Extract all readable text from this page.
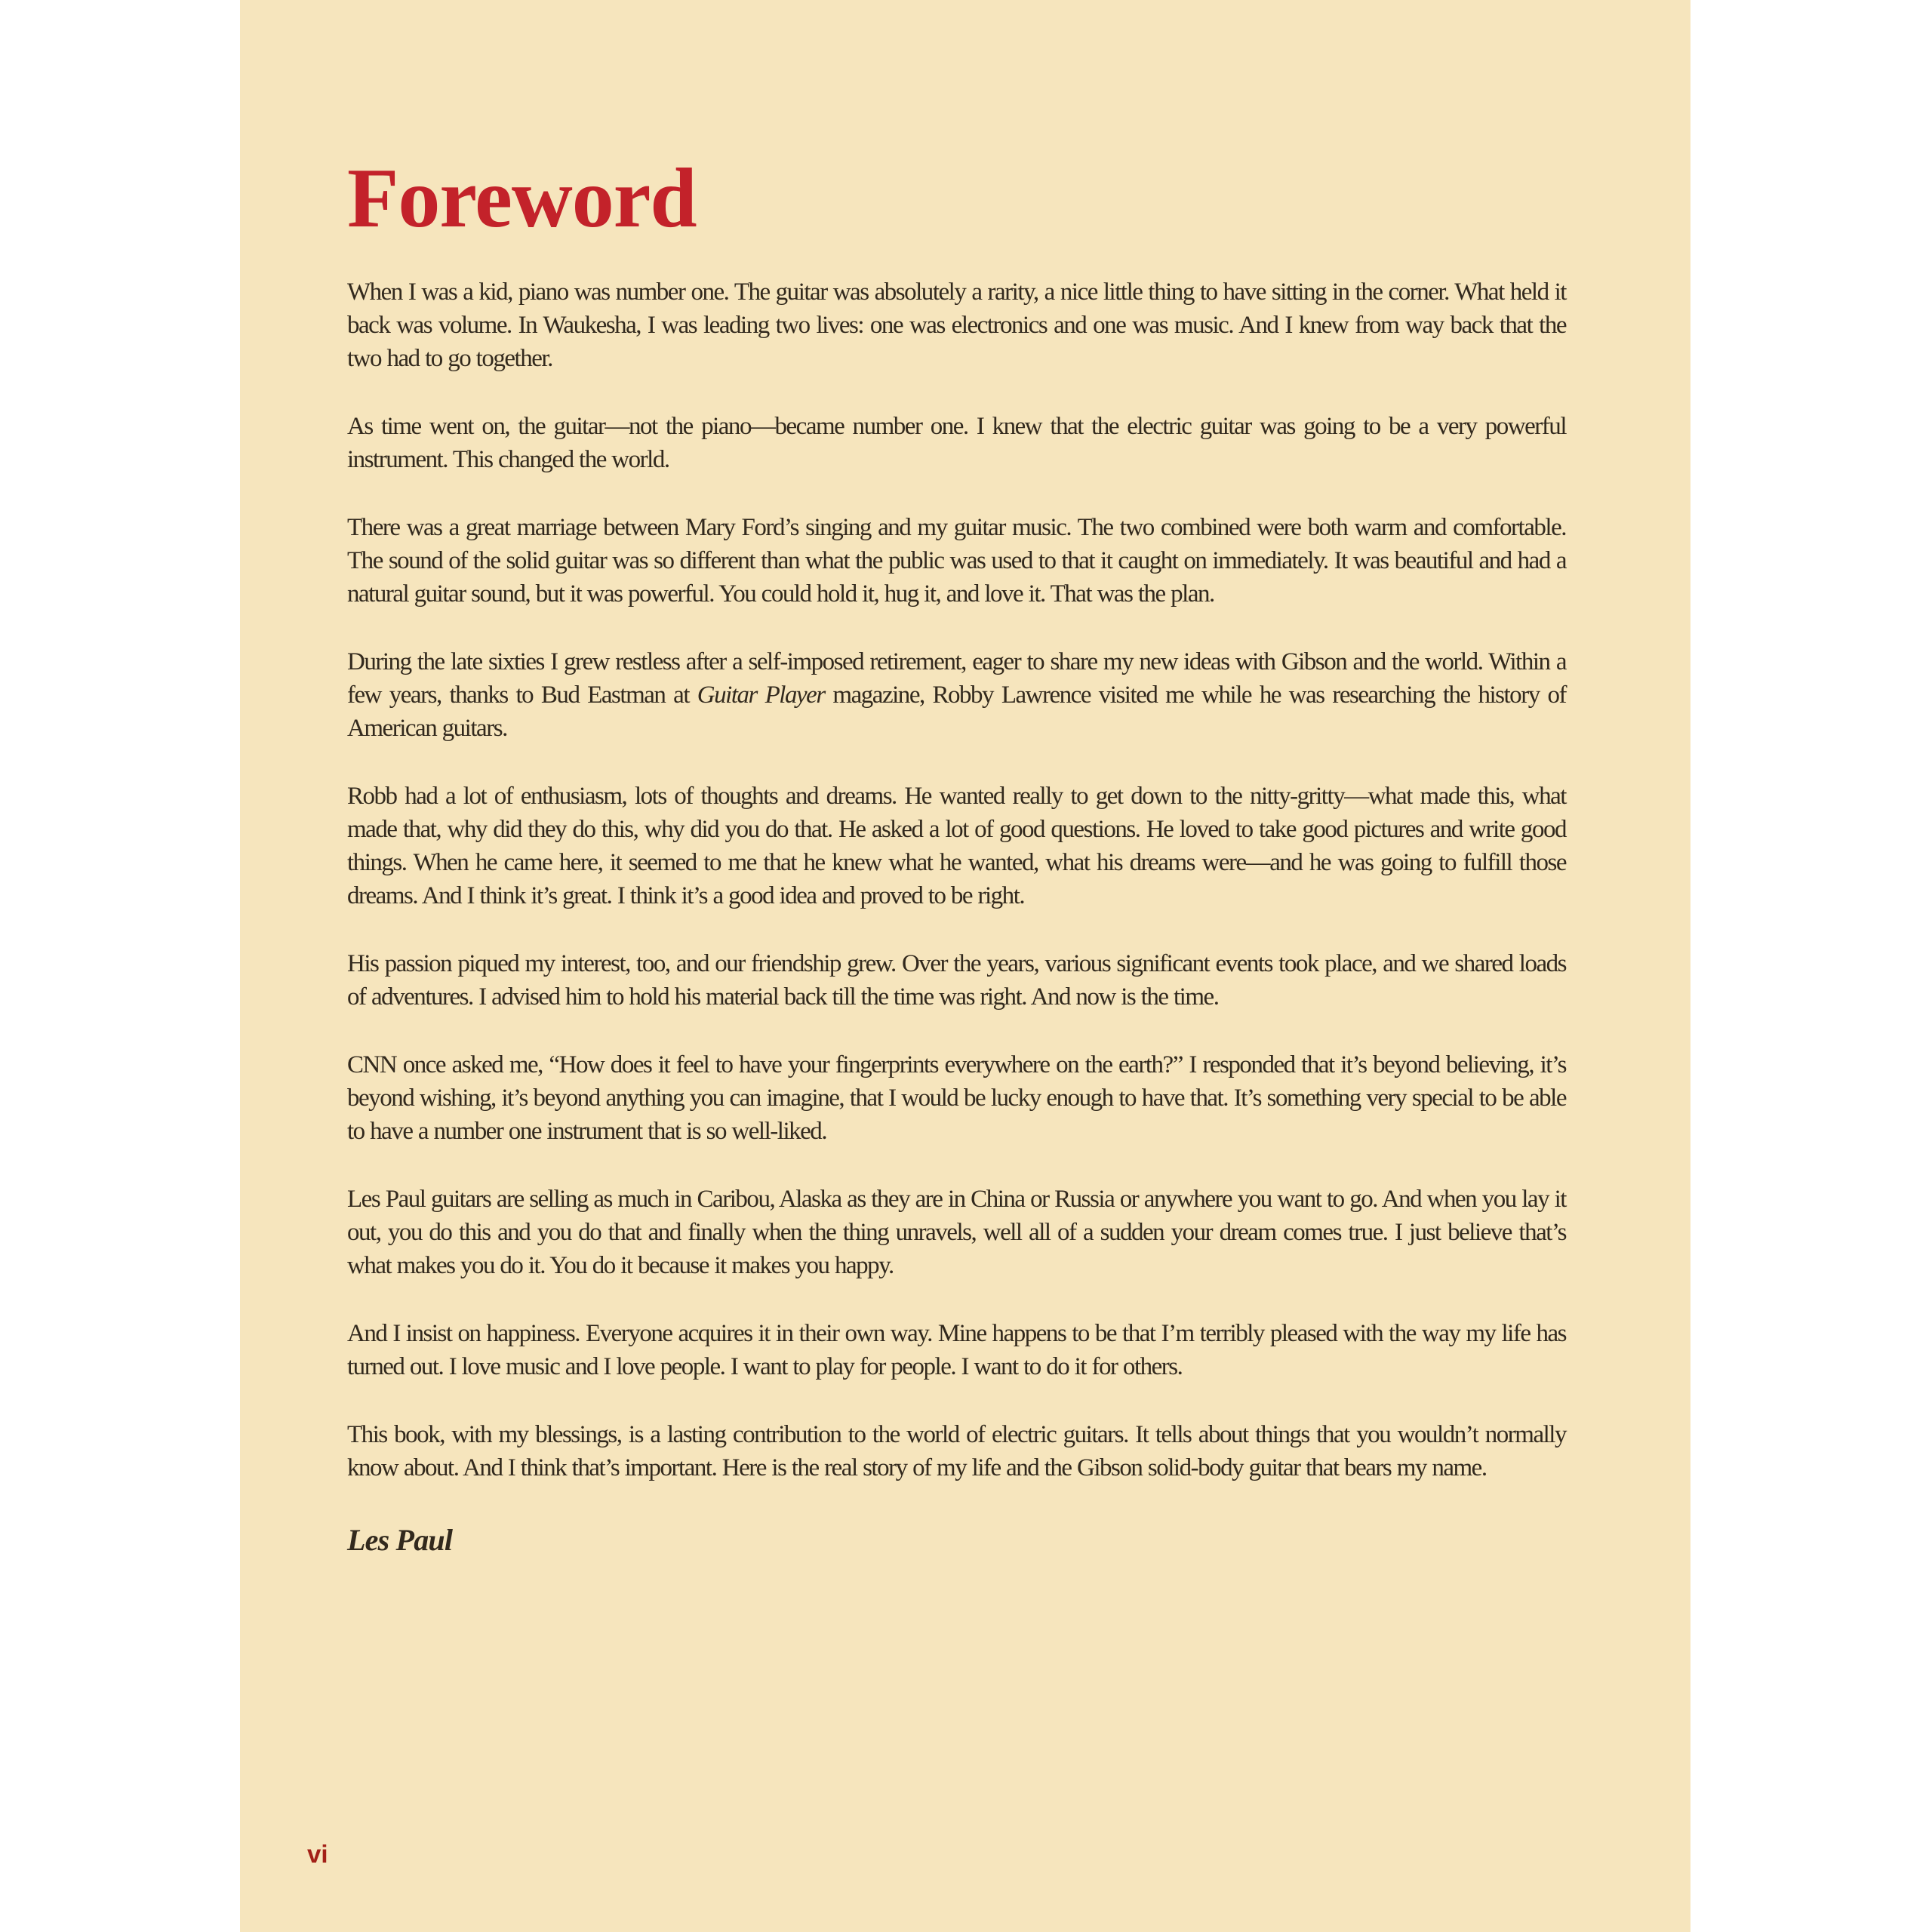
Foreword

When I was a kid, piano was number one. The guitar was absolutely a rarity, a nice little thing to have sitting in the corner. What held it back was volume. In Waukesha, I was leading two lives: one was electronics and one was music. And I knew from way back that the two had to go together.

As time went on, the guitar—not the piano—became number one. I knew that the electric guitar was going to be a very powerful instrument. This changed the world.

There was a great marriage between Mary Ford’s singing and my guitar music. The two combined were both warm and comfortable. The sound of the solid guitar was so different than what the public was used to that it caught on immediately. It was beautiful and had a natural guitar sound, but it was powerful. You could hold it, hug it, and love it. That was the plan.

During the late sixties I grew restless after a self-imposed retirement, eager to share my new ideas with Gibson and the world. Within a few years, thanks to Bud Eastman at Guitar Player magazine, Robby Lawrence visited me while he was researching the history of American guitars.

Robb had a lot of enthusiasm, lots of thoughts and dreams. He wanted really to get down to the nitty-gritty—what made this, what made that, why did they do this, why did you do that. He asked a lot of good questions. He loved to take good pictures and write good things. When he came here, it seemed to me that he knew what he wanted, what his dreams were—and he was going to fulfill those dreams. And I think it’s great. I think it’s a good idea and proved to be right.

His passion piqued my interest, too, and our friendship grew. Over the years, various significant events took place, and we shared loads of adventures. I advised him to hold his material back till the time was right. And now is the time.

CNN once asked me, “How does it feel to have your fingerprints everywhere on the earth?” I responded that it’s beyond believing, it’s beyond wishing, it’s beyond anything you can imagine, that I would be lucky enough to have that. It’s something very special to be able to have a number one instrument that is so well-liked.

Les Paul guitars are selling as much in Caribou, Alaska as they are in China or Russia or anywhere you want to go. And when you lay it out, you do this and you do that and finally when the thing unravels, well all of a sudden your dream comes true. I just believe that’s what makes you do it. You do it because it makes you happy.

And I insist on happiness. Everyone acquires it in their own way. Mine happens to be that I’m terribly pleased with the way my life has turned out. I love music and I love people. I want to play for people. I want to do it for others.

This book, with my blessings, is a lasting contribution to the world of electric guitars. It tells about things that you wouldn’t normally know about. And I think that’s important. Here is the real story of my life and the Gibson solid-body guitar that bears my name.

Les Paul

vi
